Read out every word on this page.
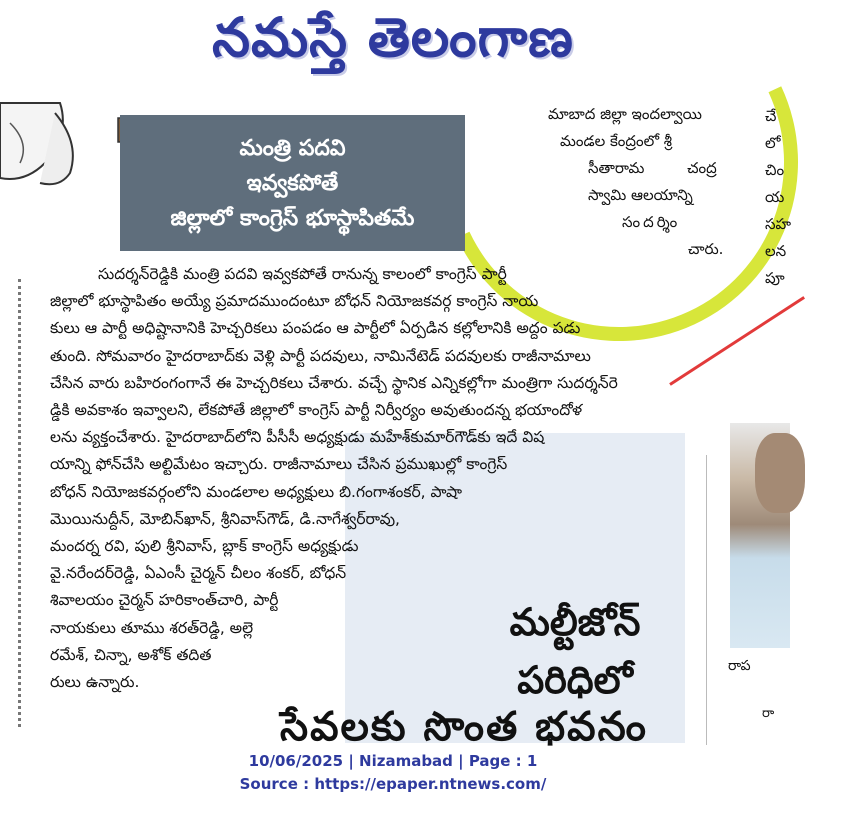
నమస్తే తెలంగాణ
మంత్రి పదవి
ఇవ్వకపోతే
జిల్లాలో కాంగ్రెస్ భూస్థాపితమే
మాబాద జిల్లా ఇందల్వాయి
మండల కేంద్రంలో శ్రీ
సీతారామ చంద్ర
స్వామి ఆలయాన్ని
సందర్శిం
చారు.
చే
లో
చిం
య
సహ
లన
పూ
రాప
రా
సుదర్శన్‌రెడ్డికి మంత్రి పదవి ఇవ్వకపోతే రానున్న కాలంలో కాంగ్రెస్ పార్టీ
జిల్లాలో భూస్థాపితం అయ్యే ప్రమాదముందంటూ బోధన్ నియోజకవర్గ కాంగ్రెస్ నాయ
కులు ఆ పార్టీ అధిష్టానానికి హెచ్చరికలు పంపడం ఆ పార్టీలో ఏర్పడిన కల్లోలానికి అద్దం పడు
తుంది. సోమవారం హైదరాబాద్‌కు వెళ్లి పార్టీ పదవులు, నామినేటెడ్ పదవులకు రాజీనామాలు
చేసిన వారు బహిరంగంగానే ఈ హెచ్చరికలు చేశారు. వచ్చే స్థానిక ఎన్నికల్లోగా మంత్రిగా సుదర్శన్‌రె
డ్డికి అవకాశం ఇవ్వాలని, లేకపోతే జిల్లాలో కాంగ్రెస్ పార్టీ నిర్వీర్యం అవుతుందన్న భయాందోళ
లను వ్యక్తంచేశారు. హైదరాబాద్‌లోని పీసీసీ అధ్యక్షుడు మహేశ్‌కుమార్‌గౌడ్‌కు ఇదే విష
యాన్ని ఫోన్‌చేసి అల్టిమేటం ఇచ్చారు. రాజీనామాలు చేసిన ప్రముఖుల్లో కాంగ్రెస్
బోధన్ నియోజకవర్గంలోని మండలాల అధ్యక్షులు బి.గంగాశంకర్, పాషా
మొయినుద్దీన్, మోబిన్‌ఖాన్, శ్రీనివాస్‌గౌడ్, డి.నాగేశ్వర్‌రావు,
మందర్న రవి, పులి శ్రీనివాస్, బ్లాక్ కాంగ్రెస్ అధ్యక్షుడు
వై.నరేందర్‌రెడ్డి, ఏఎంసీ చైర్మన్ చీలం శంకర్, బోధన్
శివాలయం చైర్మన్ హరికాంత్‌చారి, పార్టీ
నాయకులు తూము శరత్‌రెడ్డి, అల్లె
రమేశ్, చిన్నా, అశోక్ తదిత
రులు ఉన్నారు.
మల్టీజోన్
పరిధిలో
సేవలకు సొంత భవనం
10/06/2025 | Nizamabad | Page : 1
Source : https://epaper.ntnews.com/
